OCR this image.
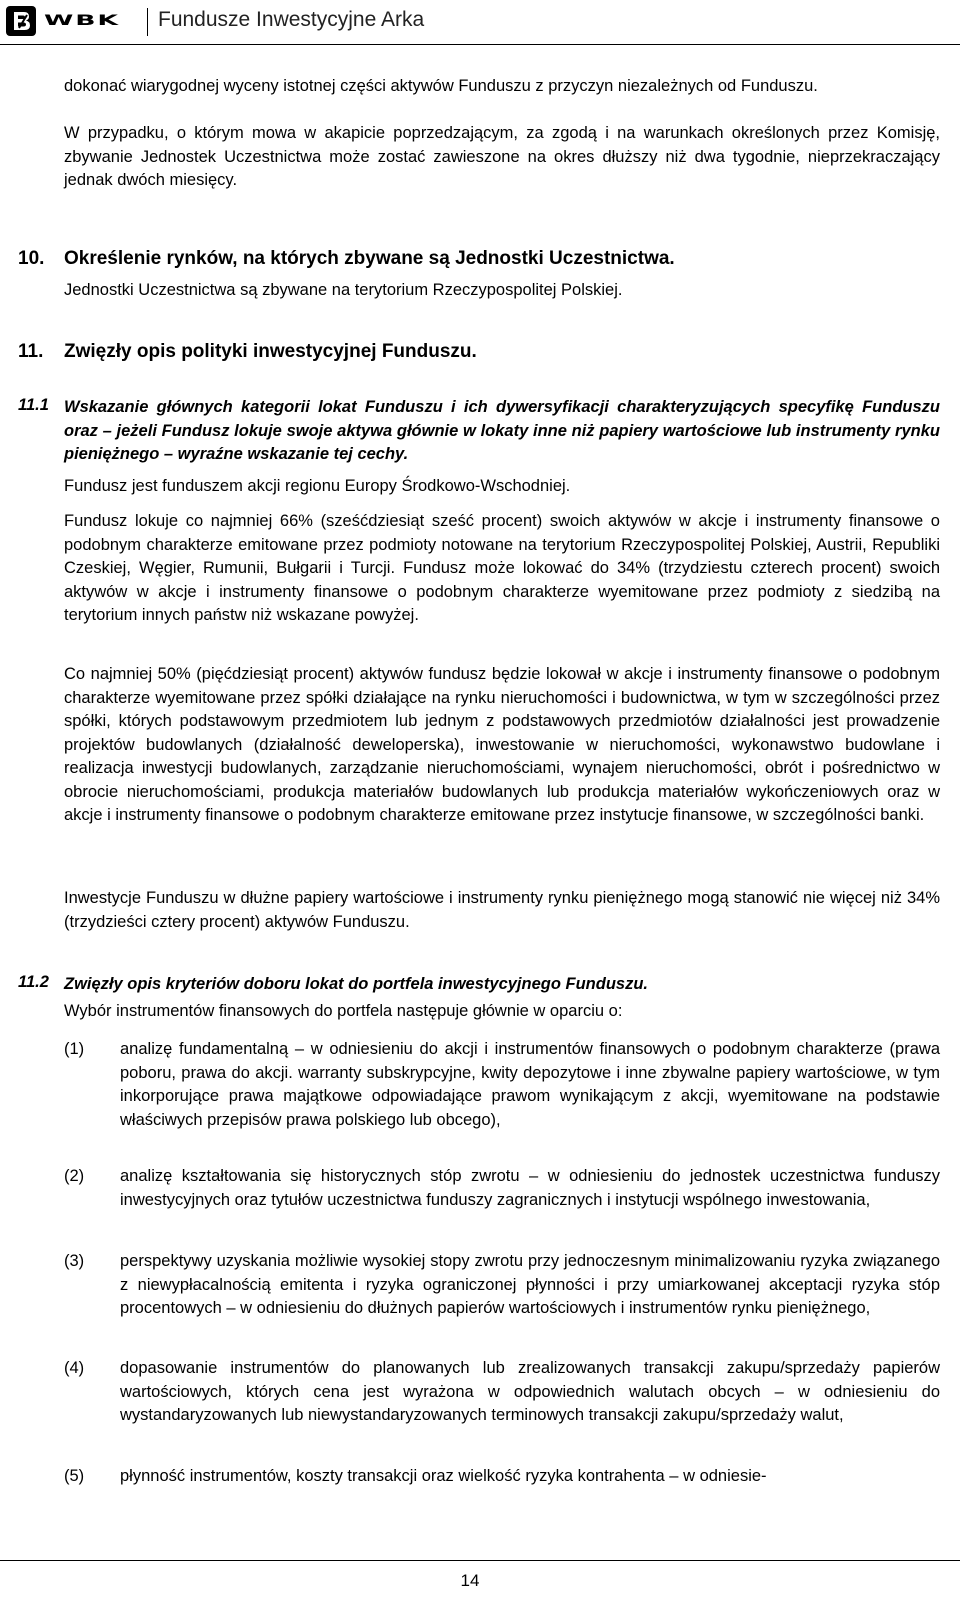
WBK Fundusze Inwestycyjne Arka

dokonać wiarygodnej wyceny istotnej części aktywów Funduszu z przyczyn niezależnych od Funduszu.

W przypadku, o którym mowa w akapicie poprzedzającym, za zgodą i na warunkach określonych przez Komisję, zbywanie Jednostek Uczestnictwa może zostać zawieszone na okres dłuższy niż dwa tygodnie, nieprzekraczający jednak dwóch miesięcy.

10. Określenie rynków, na których zbywane są Jednostki Uczestnictwa.

Jednostki Uczestnictwa są zbywane na terytorium Rzeczypospolitej Polskiej.

11. Zwięzły opis polityki inwestycyjnej Funduszu.
11.1 Wskazanie głównych kategorii lokat Funduszu i ich dywersyfikacji charakteryzujących specyfikę Funduszu oraz – jeżeli Fundusz lokuje swoje aktywa głównie w lokaty inne niż papiery wartościowe lub instrumenty rynku pieniężnego – wyraźne wskazanie tej cechy.

Fundusz jest funduszem akcji regionu Europy Środkowo-Wschodniej.

Fundusz lokuje co najmniej 66% (sześćdziesiąt sześć procent) swoich aktywów w akcje i instrumenty finansowe o podobnym charakterze emitowane przez podmioty notowane na terytorium Rzeczypospolitej Polskiej, Austrii, Republiki Czeskiej, Węgier, Rumunii, Bułgarii i Turcji. Fundusz może lokować do 34% (trzydziestu czterech procent) swoich aktywów w akcje i instrumenty finansowe o podobnym charakterze wyemitowane przez podmioty z siedzibą na terytorium innych państw niż wskazane powyżej.

Co najmniej 50% (pięćdziesiąt procent) aktywów fundusz będzie lokował w akcje i instrumenty finansowe o podobnym charakterze wyemitowane przez spółki działające na rynku nieruchomości i budownictwa, w tym w szczególności przez spółki, których podstawowym przedmiotem lub jednym z podstawowych przedmiotów działalności jest prowadzenie projektów budowlanych (działalność deweloperska), inwestowanie w nieruchomości, wykonawstwo budowlane i realizacja inwestycji budowlanych, zarządzanie nieruchomościami, wynajem nieruchomości, obrót i pośrednictwo w obrocie nieruchomościami, produkcja materiałów budowlanych lub produkcja materiałów wykończeniowych oraz w akcje i instrumenty finansowe o podobnym charakterze emitowane przez instytucje finansowe, w szczególności banki.

Inwestycje Funduszu w dłużne papiery wartościowe i instrumenty rynku pieniężnego mogą stanowić nie więcej niż 34% (trzydzieści cztery procent) aktywów Funduszu.

11.2 Zwięzły opis kryteriów doboru lokat do portfela inwestycyjnego Funduszu.

Wybór instrumentów finansowych do portfela następuje głównie w oparciu o:

(1) analizę fundamentalną – w odniesieniu do akcji i instrumentów finansowych o podobnym charakterze (prawa poboru, prawa do akcji. warranty subskrypcyjne, kwity depozytowe i inne zbywalne papiery wartościowe, w tym inkorporujące prawa majątkowe odpowiadające prawom wynikającym z akcji, wyemitowane na podstawie właściwych przepisów prawa polskiego lub obcego),
(2) analizę kształtowania się historycznych stóp zwrotu – w odniesieniu do jednostek uczestnictwa funduszy inwestycyjnych oraz tytułów uczestnictwa funduszy zagranicznych i instytucji wspólnego inwestowania,
(3) perspektywy uzyskania możliwie wysokiej stopy zwrotu przy jednoczesnym minimalizowaniu ryzyka związanego z niewypłacalnością emitenta i ryzyka ograniczonej płynności i przy umiarkowanej akceptacji ryzyka stóp procentowych – w odniesieniu do dłużnych papierów wartościowych i instrumentów rynku pieniężnego,
(4) dopasowanie instrumentów do planowanych lub zrealizowanych transakcji zakupu/sprzedaży papierów wartościowych, których cena jest wyrażona w odpowiednich walutach obcych – w odniesieniu do wystandaryzowanych lub niewystandaryzowanych terminowych transakcji zakupu/sprzedaży walut,
(5) płynność instrumentów, koszty transakcji oraz wielkość ryzyka kontrahenta – w odniesie-
14
